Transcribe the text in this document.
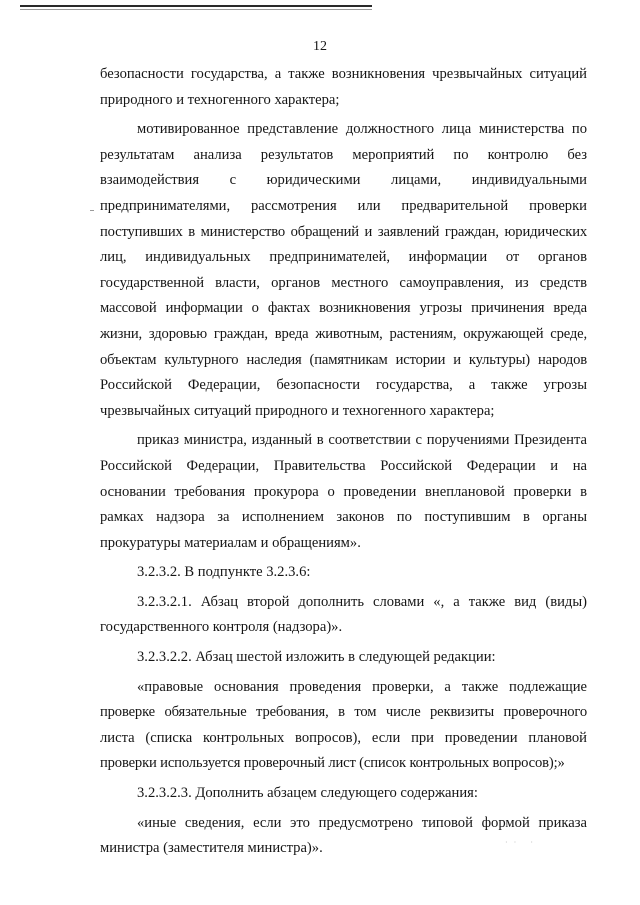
12
безопасности государства, а также возникновения чрезвычайных ситуаций
природного и техногенного характера;
мотивированное представление должностного лица министерства по
результатам анализа результатов мероприятий по контролю без
взаимодействия с юридическими лицами, индивидуальными
предпринимателями, рассмотрения или предварительной проверки
поступивших в министерство обращений и заявлений граждан, юридических
лиц, индивидуальных предпринимателей, информации от органов
государственной власти, органов местного самоуправления, из средств
массовой информации о фактах возникновения угрозы причинения вреда
жизни, здоровью граждан, вреда животным, растениям, окружающей среде,
объектам культурного наследия (памятникам истории и культуры) народов
Российской Федерации, безопасности государства, а также угрозы
чрезвычайных ситуаций природного и техногенного характера;
приказ министра, изданный в соответствии с поручениями Президента
Российской Федерации, Правительства Российской Федерации и на
основании требования прокурора о проведении внеплановой проверки в
рамках надзора за исполнением законов по поступившим в органы
прокуратуры материалам и обращениям».
3.2.3.2. В подпункте 3.2.3.6:
3.2.3.2.1. Абзац второй дополнить словами «, а также вид (виды)
государственного контроля (надзора)».
3.2.3.2.2. Абзац шестой изложить в следующей редакции:
«правовые основания проведения проверки, а также подлежащие
проверке обязательные требования, в том числе реквизиты проверочного
листа (списка контрольных вопросов), если при проведении плановой
проверки используется проверочный лист (список контрольных вопросов);»
3.2.3.2.3. Дополнить абзацем следующего содержания:
«иные сведения, если это предусмотрено типовой формой приказа
министра (заместителя министра)».	·· ·
